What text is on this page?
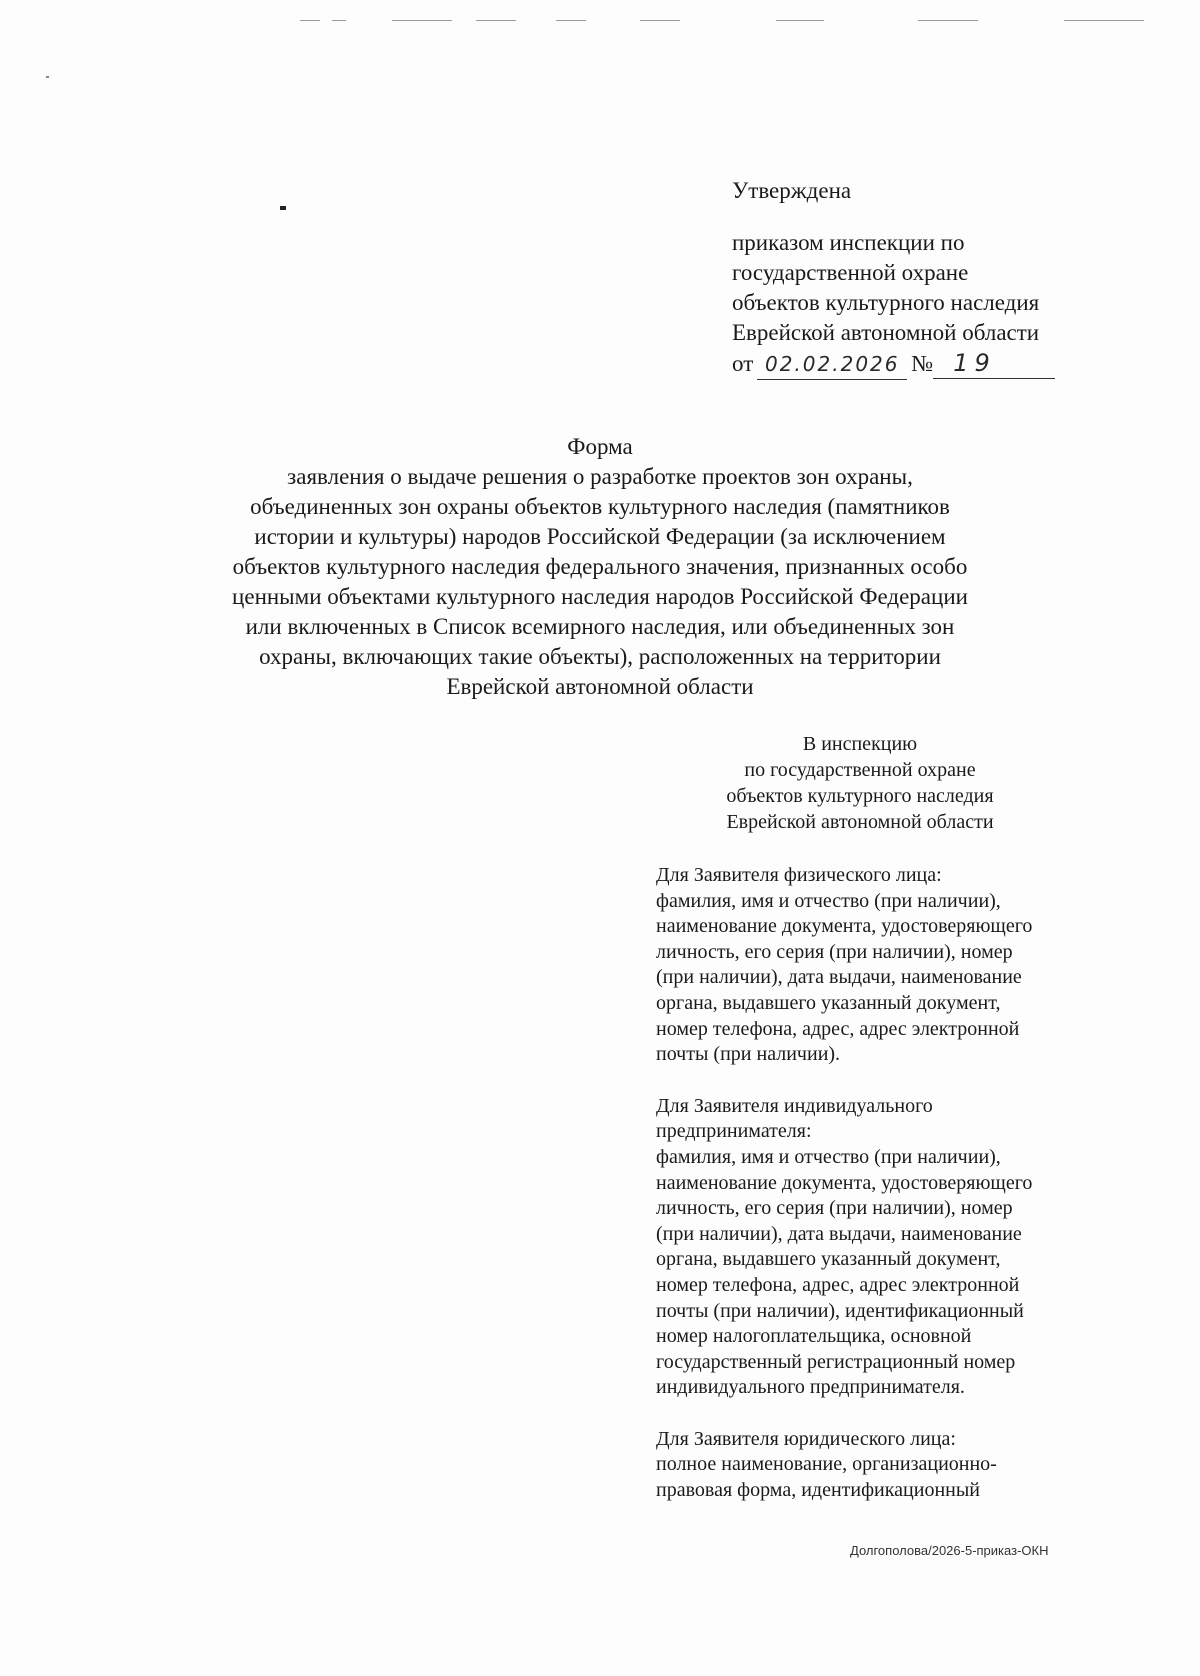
Утверждена
приказом инспекции по
государственной охране
объектов культурного наследия
Еврейской автономной области
от 02.02.2026 № 19
Форма
заявления о выдаче решения о разработке проектов зон охраны,
объединенных зон охраны объектов культурного наследия (памятников
истории и культуры) народов Российской Федерации (за исключением
объектов культурного наследия федерального значения, признанных особо
ценными объектами культурного наследия народов Российской Федерации
или включенных в Список всемирного наследия, или объединенных зон
охраны, включающих такие объекты), расположенных на территории
Еврейской автономной области
В инспекцию
по государственной охране
объектов культурного наследия
Еврейской автономной области
Для Заявителя физического лица:
фамилия, имя и отчество (при наличии),
наименование документа, удостоверяющего
личность, его серия (при наличии), номер
(при наличии), дата выдачи, наименование
органа, выдавшего указанный документ,
номер телефона, адрес, адрес электронной
почты (при наличии).
Для Заявителя индивидуального
предпринимателя:
фамилия, имя и отчество (при наличии),
наименование документа, удостоверяющего
личность, его серия (при наличии), номер
(при наличии), дата выдачи, наименование
органа, выдавшего указанный документ,
номер телефона, адрес, адрес электронной
почты (при наличии), идентификационный
номер налогоплательщика, основной
государственный регистрационный номер
индивидуального предпринимателя.
Для Заявителя юридического лица:
полное наименование, организационно-
правовая форма, идентификационный
Долгополова/2026-5-приказ-ОКН
